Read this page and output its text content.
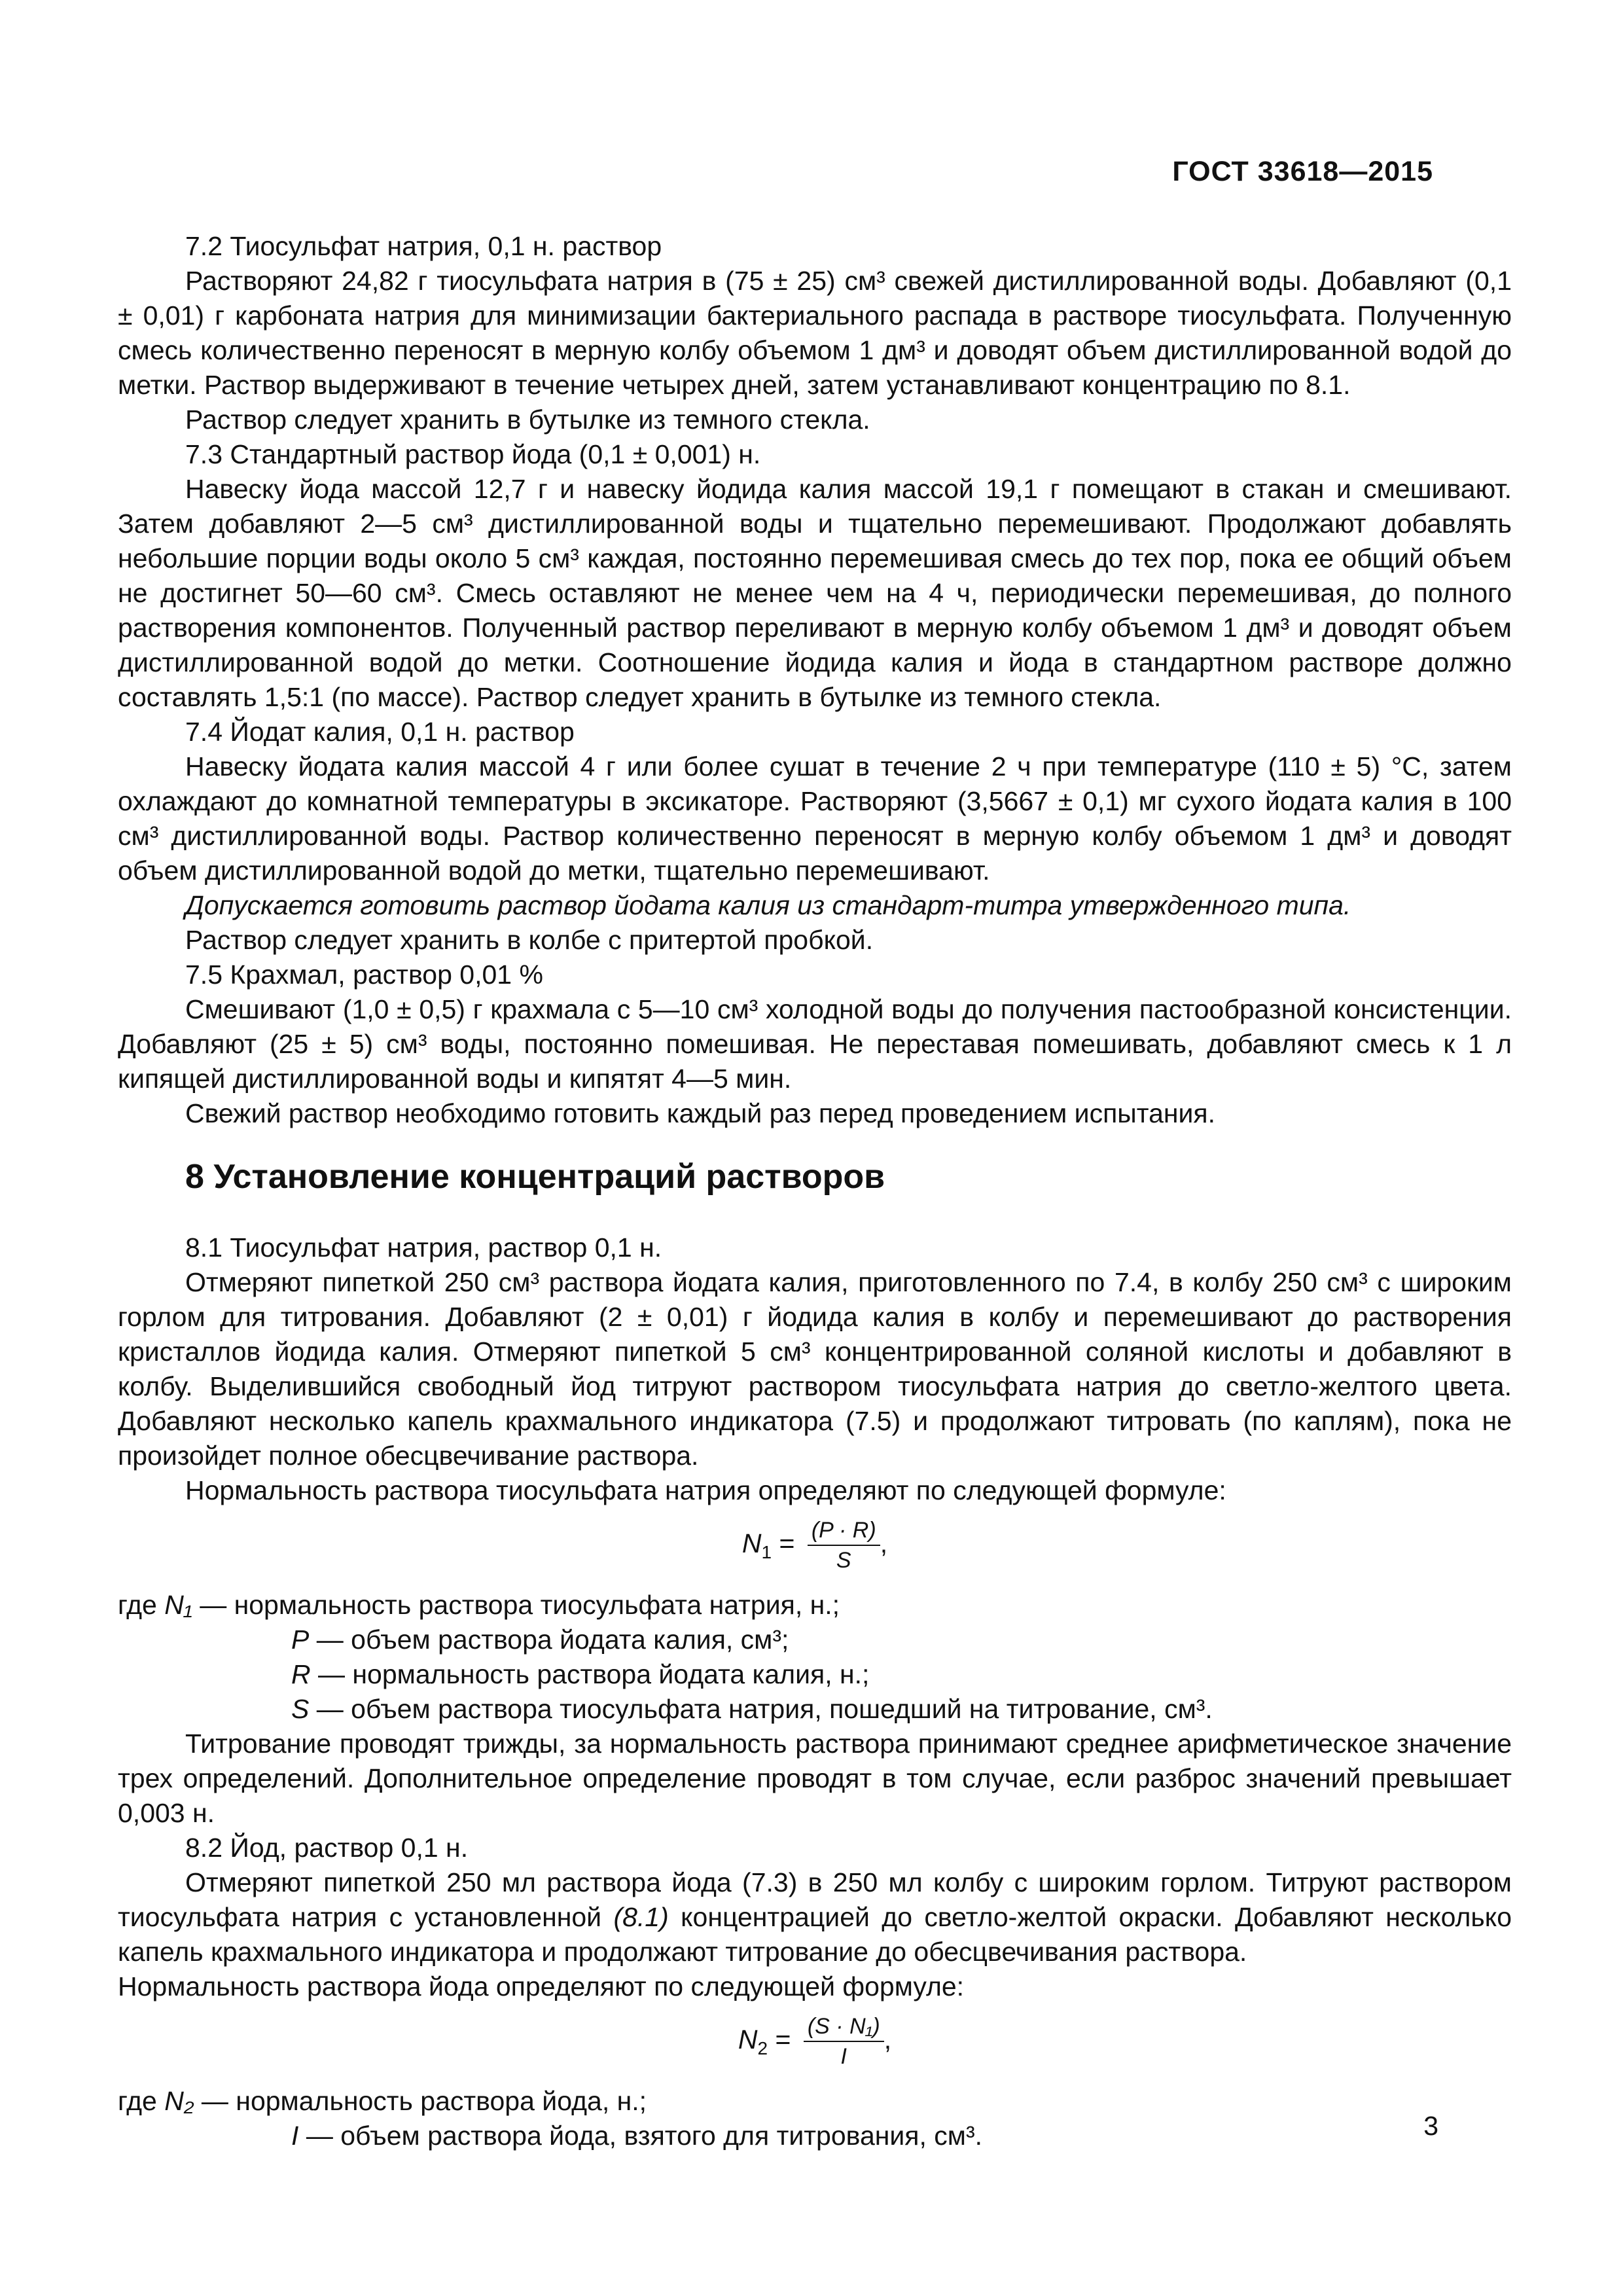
ГОСТ 33618—2015

7.2 Тиосульфат натрия, 0,1 н. раствор

Растворяют 24,82 г тиосульфата натрия в (75 ± 25) см³ свежей дистиллированной воды. Добавляют (0,1 ± 0,01) г карбоната натрия для минимизации бактериального распада в растворе тиосульфата. Полученную смесь количественно переносят в мерную колбу объемом 1 дм³ и доводят объем дистиллированной водой до метки. Раствор выдерживают в течение четырех дней, затем устанавливают концентрацию по 8.1.

Раствор следует хранить в бутылке из темного стекла.

7.3 Стандартный раствор йода (0,1 ± 0,001) н.

Навеску йода массой 12,7 г и навеску йодида калия массой 19,1 г помещают в стакан и смешивают. Затем добавляют 2—5 см³ дистиллированной воды и тщательно перемешивают. Продолжают добавлять небольшие порции воды около 5 см³ каждая, постоянно перемешивая смесь до тех пор, пока ее общий объем не достигнет 50—60 см³. Смесь оставляют не менее чем на 4 ч, периодически перемешивая, до полного растворения компонентов. Полученный раствор переливают в мерную колбу объемом 1 дм³ и доводят объем дистиллированной водой до метки. Соотношение йодида калия и йода в стандартном растворе должно составлять 1,5:1 (по массе). Раствор следует хранить в бутылке из темного стекла.

7.4 Йодат калия, 0,1 н. раствор

Навеску йодата калия массой 4 г или более сушат в течение 2 ч при температуре (110 ± 5) °С, затем охлаждают до комнатной температуры в эксикаторе. Растворяют (3,5667 ± 0,1) мг сухого йодата калия в 100 см³ дистиллированной воды. Раствор количественно переносят в мерную колбу объемом 1 дм³ и доводят объем дистиллированной водой до метки, тщательно перемешивают.

Допускается готовить раствор йодата калия из стандарт-титра утвержденного типа.

Раствор следует хранить в колбе с притертой пробкой.

7.5 Крахмал, раствор 0,01 %

Смешивают (1,0 ± 0,5) г крахмала с 5—10 см³ холодной воды до получения пастообразной консистенции. Добавляют (25 ± 5) см³ воды, постоянно помешивая. Не переставая помешивать, добавляют смесь к 1 л кипящей дистиллированной воды и кипятят 4—5 мин.

Свежий раствор необходимо готовить каждый раз перед проведением испытания.

8 Установление концентраций растворов

8.1 Тиосульфат натрия, раствор 0,1 н.

Отмеряют пипеткой 250 см³ раствора йодата калия, приготовленного по 7.4, в колбу 250 см³ с широким горлом для титрования. Добавляют (2 ± 0,01) г йодида калия в колбу и перемешивают до растворения кристаллов йодида калия. Отмеряют пипеткой 5 см³ концентрированной соляной кислоты и добавляют в колбу. Выделившийся свободный йод титруют раствором тиосульфата натрия до светло-желтого цвета. Добавляют несколько капель крахмального индикатора (7.5) и продолжают титровать (по каплям), пока не произойдет полное обесцвечивание раствора.

Нормальность раствора тиосульфата натрия определяют по следующей формуле:

$N_1 = \frac{(P \cdot R)}{S}$ ,

где N₁ — нормальность раствора тиосульфата натрия, н.;

P — объем раствора йодата калия, см³;

R — нормальность раствора йодата калия, н.;

S — объем раствора тиосульфата натрия, пошедший на титрование, см³.

Титрование проводят трижды, за нормальность раствора принимают среднее арифметическое значение трех определений. Дополнительное определение проводят в том случае, если разброс значений превышает 0,003 н.

8.2 Йод, раствор 0,1 н.

Отмеряют пипеткой 250 мл раствора йода (7.3) в 250 мл колбу с широким горлом. Титруют раствором тиосульфата натрия с установленной (8.1) концентрацией до светло-желтой окраски. Добавляют несколько капель крахмального индикатора и продолжают титрование до обесцвечивания раствора.

Нормальность раствора йода определяют по следующей формуле:

$N_2 = \frac{\text{(S · N₁)}}{I}$ ,

где N₂ — нормальность раствора йода, н.;

I — объем раствора йода, взятого для титрования, см³.	3
